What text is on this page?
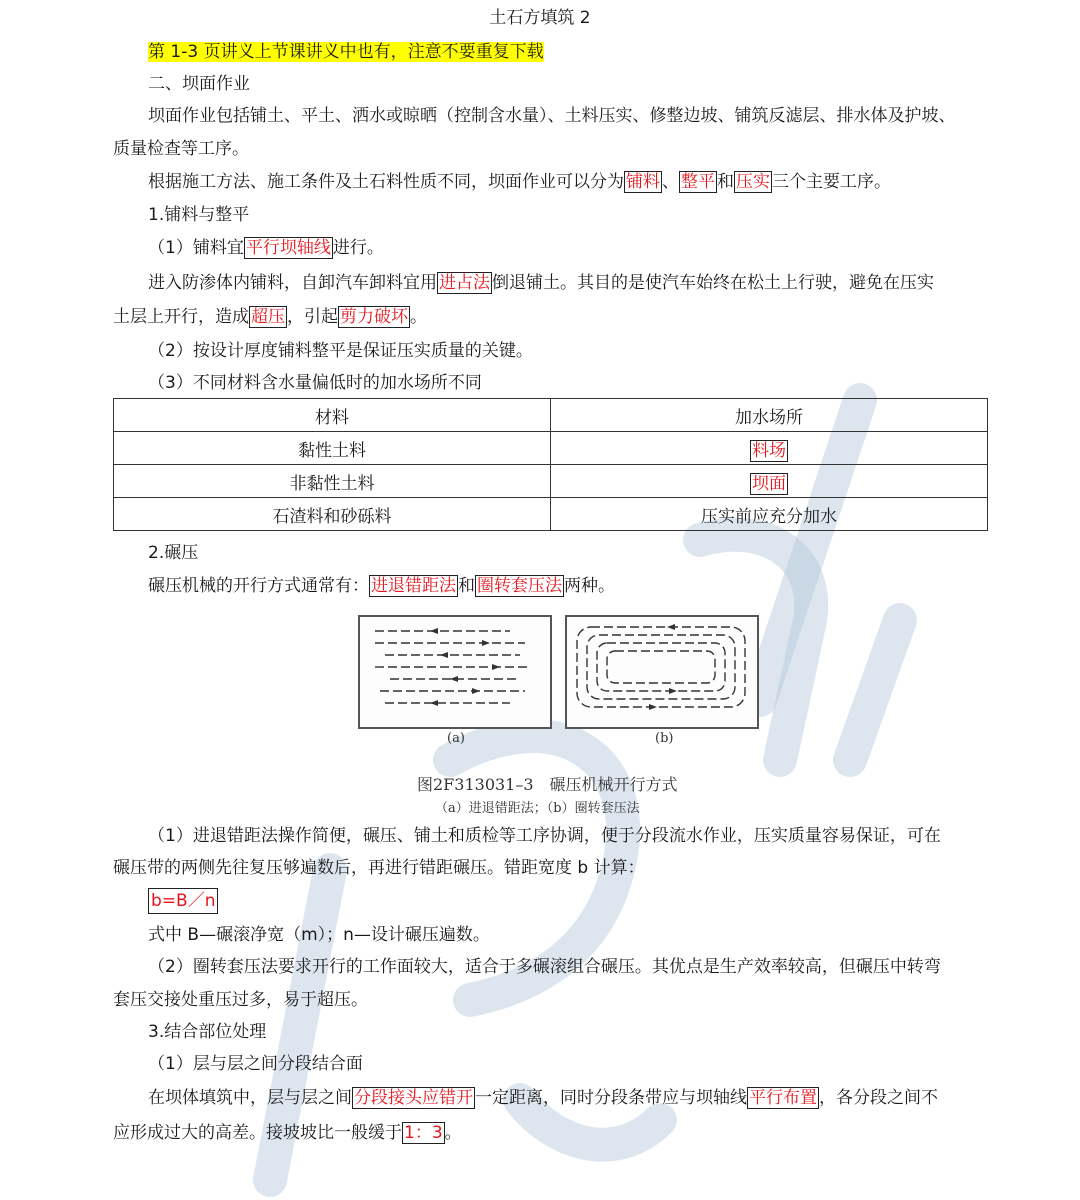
土石方填筑 2
第 1-3 页讲义上节课讲义中也有，注意不要重复下载
二、坝面作业
坝面作业包括铺土、平土、洒水或晾晒（控制含水量）、土料压实、修整边坡、铺筑反滤层、排水体及护坡、
质量检查等工序。
根据施工方法、施工条件及土石料性质不同，坝面作业可以分为 铺料 、 整平 和 压实 三个主要工序。
1.铺料与整平
（1）铺料宜 平行坝轴线 进行。
进入防渗体内铺料，自卸汽车卸料宜用 进占法 倒退铺土。其目的是使汽车始终在松土上行驶，避免在压实
土层上开行，造成 超压 ，引起 剪力破坏 。
（2）按设计厚度铺料整平是保证压实质量的关键。
（3）不同材料含水量偏低时的加水场所不同
材料	加水场所
黏性土料	料场
非黏性土料	坝面
石渣料和砂砾料	压实前应充分加水
2.碾压
碾压机械的开行方式通常有： 进退错距法 和 圈转套压法 两种。
(a)	(b)
图2F313031–3　碾压机械开行方式
（a）进退错距法；（b）圈转套压法
（1）进退错距法操作简便，碾压、铺土和质检等工序协调，便于分段流水作业，压实质量容易保证，可在
碾压带的两侧先往复压够遍数后，再进行错距碾压。错距宽度 b 计算：
b=B／n
式中 B—碾滚净宽（m）；n—设计碾压遍数。
（2）圈转套压法要求开行的工作面较大，适合于多碾滚组合碾压。其优点是生产效率较高，但碾压中转弯
套压交接处重压过多，易于超压。
3.结合部位处理
（1）层与层之间分段结合面
在坝体填筑中，层与层之间 分段接头应错开 一定距离，同时分段条带应与坝轴线 平行布置 ，各分段之间不
应形成过大的高差。接坡坡比一般缓于 1：3 。
